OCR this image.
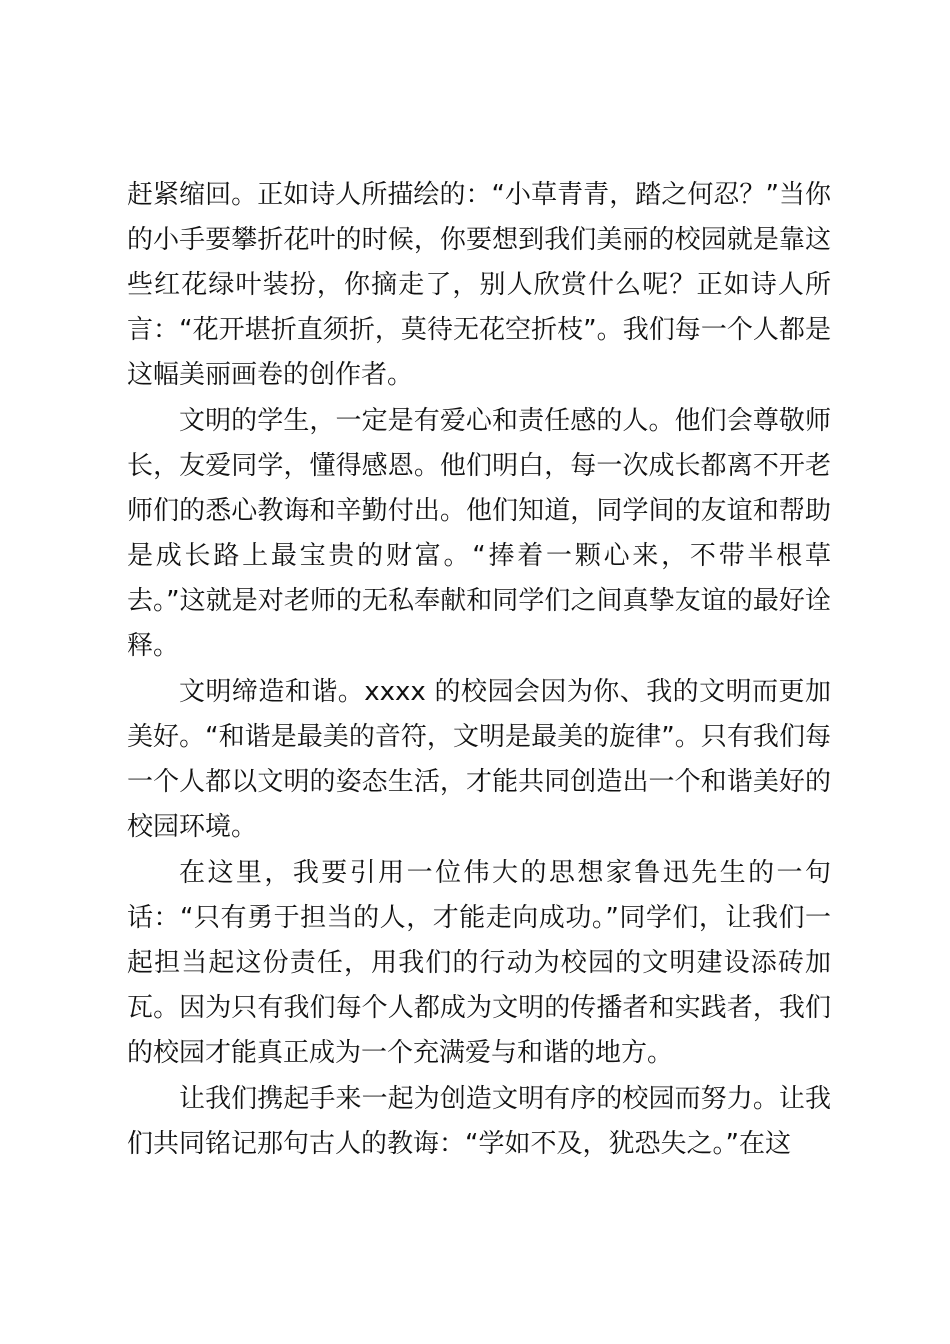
赶紧缩回。正如诗人所描绘的：“小草青青，踏之何忍？”当你的小手要攀折花叶的时候，你要想到我们美丽的校园就是靠这些红花绿叶装扮，你摘走了，别人欣赏什么呢？正如诗人所言：“花开堪折直须折，莫待无花空折枝”。我们每一个人都是这幅美丽画卷的创作者。

文明的学生，一定是有爱心和责任感的人。他们会尊敬师长，友爱同学，懂得感恩。他们明白，每一次成长都离不开老师们的悉心教诲和辛勤付出。他们知道，同学间的友谊和帮助是成长路上最宝贵的财富。“捧着一颗心来，不带半根草去。”这就是对老师的无私奉献和同学们之间真挚友谊的最好诠释。

文明缔造和谐。xxxx 的校园会因为你、我的文明而更加美好。“和谐是最美的音符，文明是最美的旋律”。只有我们每一个人都以文明的姿态生活，才能共同创造出一个和谐美好的校园环境。

在这里，我要引用一位伟大的思想家鲁迅先生的一句话：“只有勇于担当的人，才能走向成功。”同学们，让我们一起担当起这份责任，用我们的行动为校园的文明建设添砖加瓦。因为只有我们每个人都成为文明的传播者和实践者，我们的校园才能真正成为一个充满爱与和谐的地方。

让我们携起手来一起为创造文明有序的校园而努力。让我们共同铭记那句古人的教诲：“学如不及，犹恐失之。”在这
